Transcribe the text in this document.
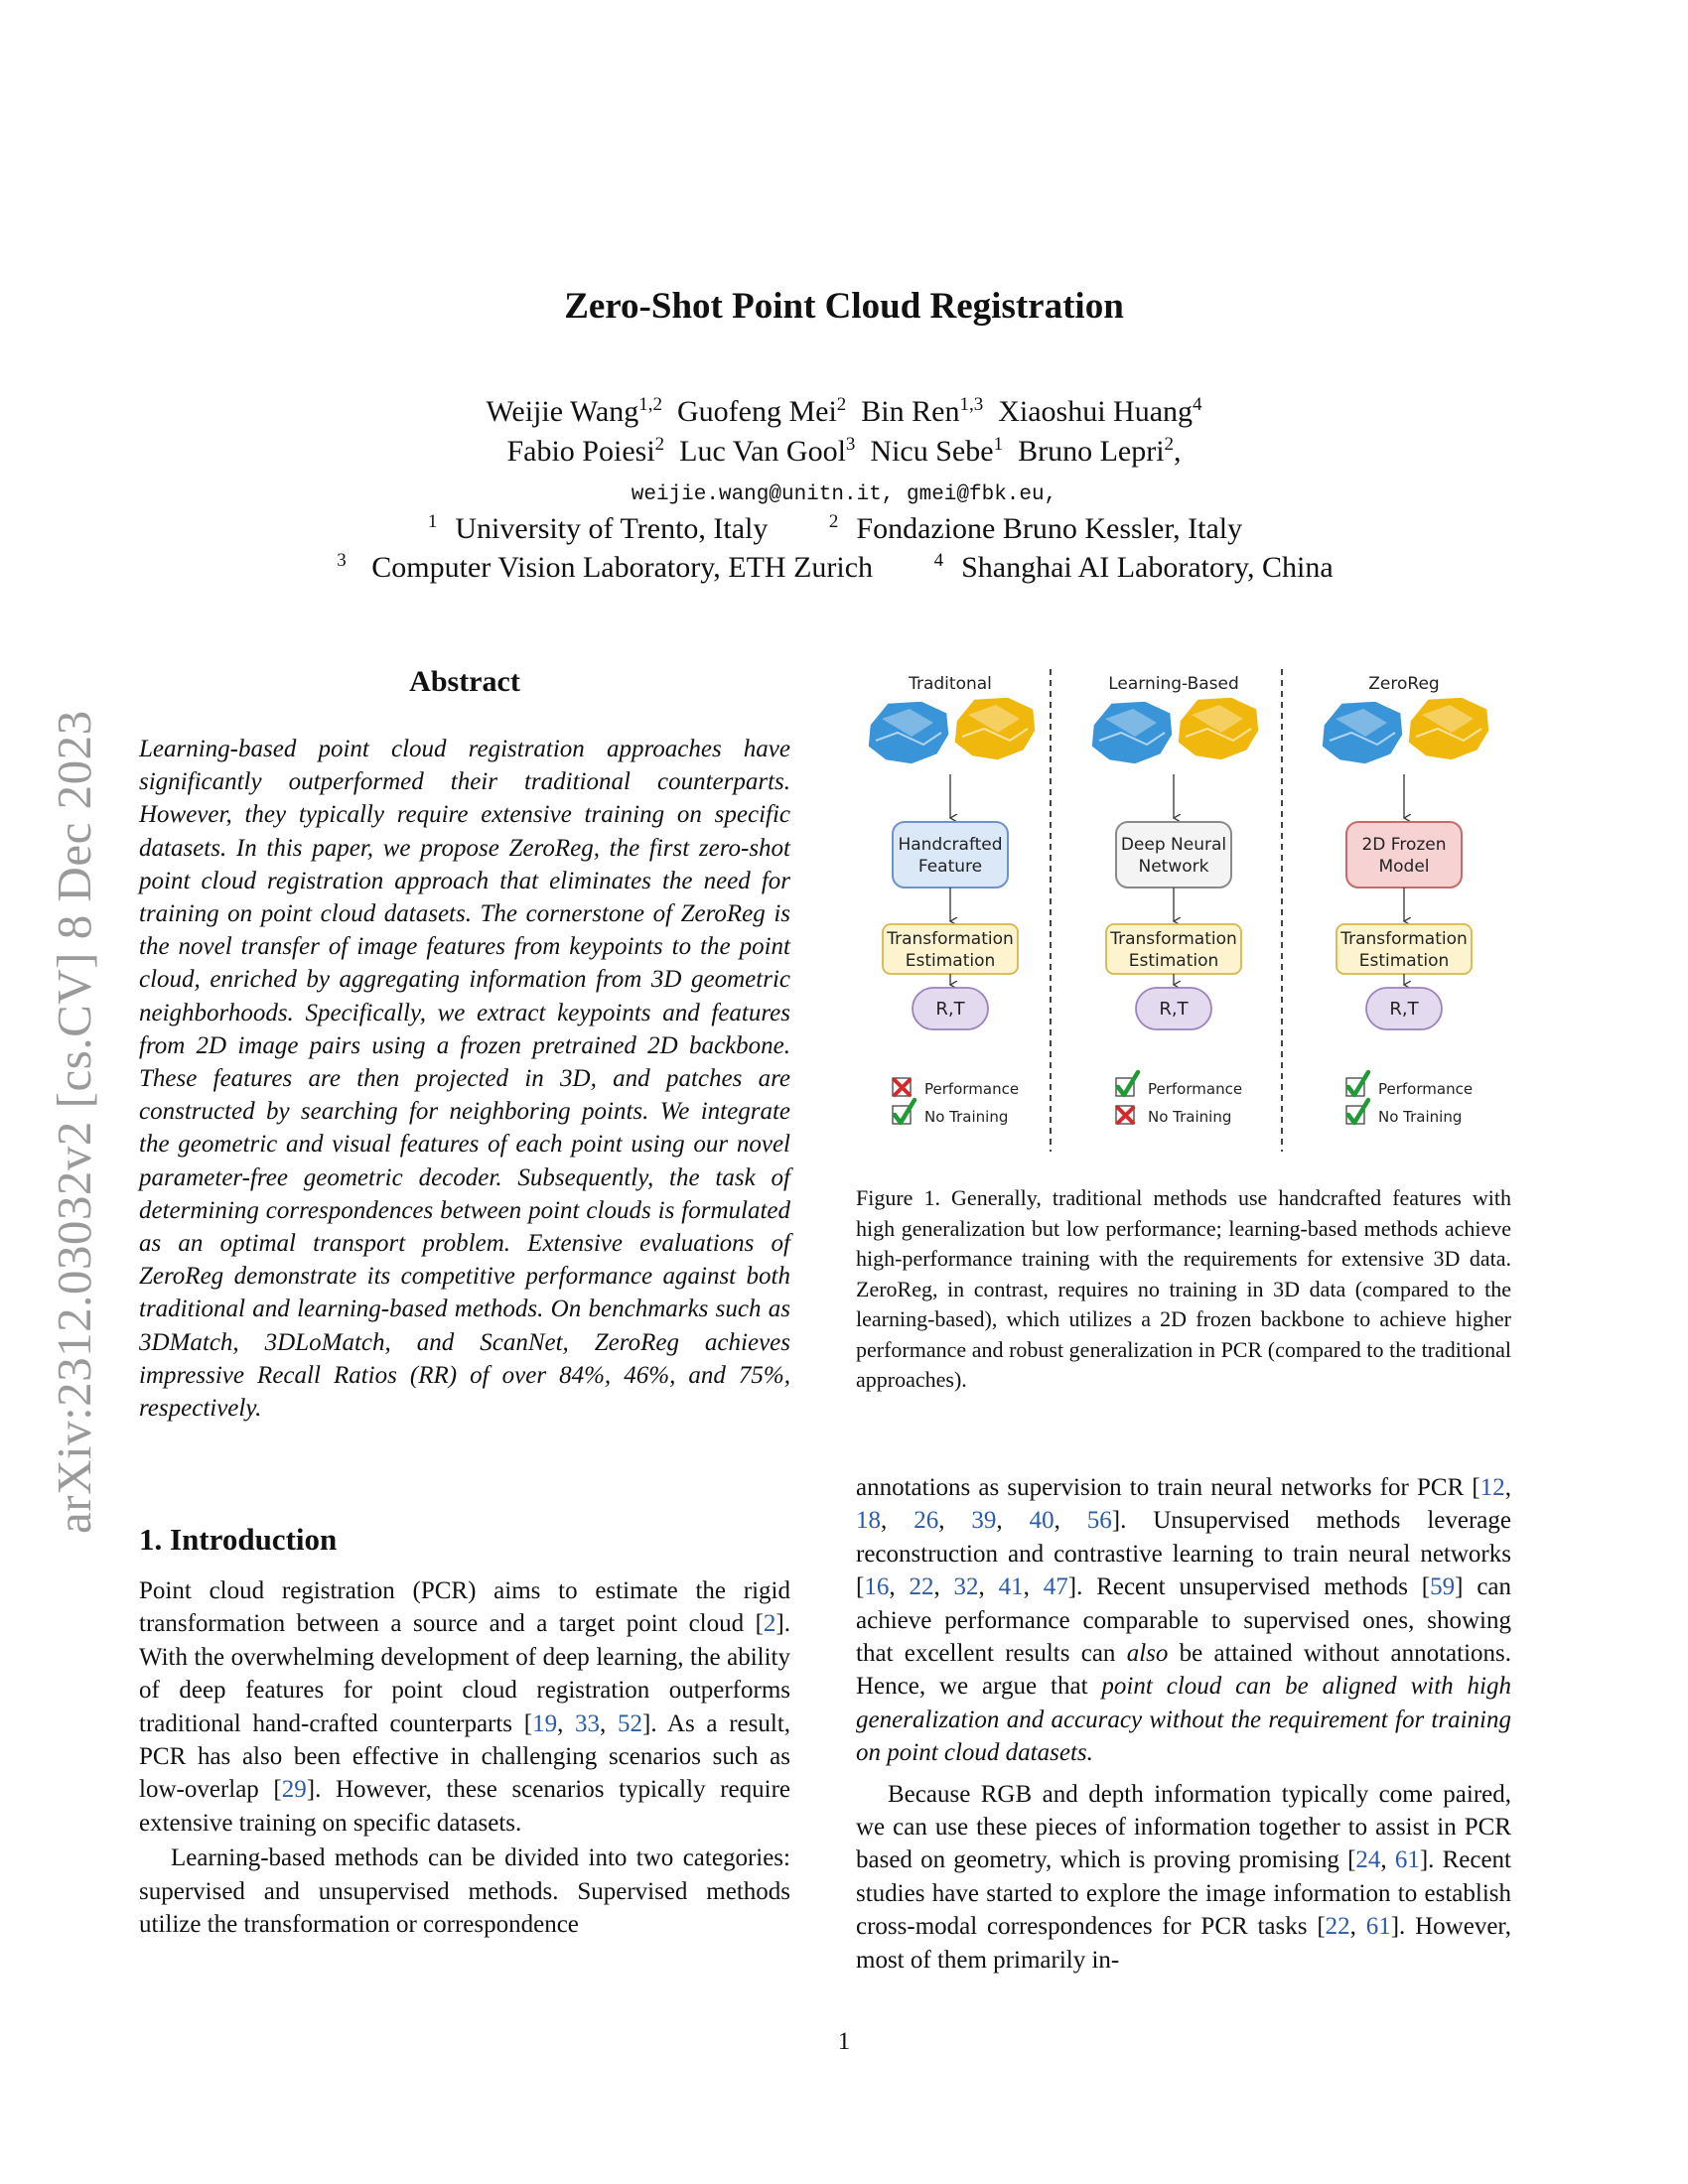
arXiv:2312.03032v2 [cs.CV] 8 Dec 2023
Zero-Shot Point Cloud Registration
Weijie Wang$^{1,2}$ Guofeng Mei$^2$ Bin Ren$^{1,3}$ Xiaoshui Huang$^4$
Fabio Poiesi$^2$ Luc Van Gool$^3$ Nicu Sebe$^1$ Bruno Lepri$^2$,
weijie.wang@unitn.it, gmei@fbk.eu,
$^1$ University of Trento, Italy	$^2$ Fondazione Bruno Kessler, Italy
$^3$ Computer Vision Laboratory, ETH Zurich	$^4$ Shanghai AI Laboratory, China
Abstract
Learning-based point cloud registration approaches have significantly outperformed their traditional counterparts. However, they typically require extensive training on specific datasets. In this paper, we propose ZeroReg, the first zero-shot point cloud registration approach that eliminates the need for training on point cloud datasets. The cornerstone of ZeroReg is the novel transfer of image features from keypoints to the point cloud, enriched by aggregating information from 3D geometric neighborhoods. Specifically, we extract keypoints and features from 2D image pairs using a frozen pretrained 2D backbone. These features are then projected in 3D, and patches are constructed by searching for neighboring points. We integrate the geometric and visual features of each point using our novel parameter-free geometric decoder. Subsequently, the task of determining correspondences between point clouds is formulated as an optimal transport problem. Extensive evaluations of ZeroReg demonstrate its competitive performance against both traditional and learning-based methods. On benchmarks such as 3DMatch, 3DLoMatch, and ScanNet, ZeroReg achieves impressive Recall Ratios (RR) of over 84%, 46%, and 75%, respectively.
1. Introduction

Point cloud registration (PCR) aims to estimate the rigid transformation between a source and a target point cloud [2]. With the overwhelming development of deep learning, the ability of deep features for point cloud registration outperforms traditional hand-crafted counterparts [19, 33, 52]. As a result, PCR has also been effective in challenging scenarios such as low-overlap [29]. However, these scenarios typically require extensive training on specific datasets.

Learning-based methods can be divided into two categories: supervised and unsupervised methods. Supervised methods utilize the transformation or correspondence

Traditonal
Handcrafted
Feature
Transformation
Estimation
R,T
Performance
No Training
Learning-Based
Deep Neural
Network
Transformation
Estimation
R,T
Performance
No Training
ZeroReg
2D Frozen
Model
Transformation
Estimation
R,T
Performance
No Training
Figure 1. Generally, traditional methods use handcrafted features with high generalization but low performance; learning-based methods achieve high-performance training with the requirements for extensive 3D data. ZeroReg, in contrast, requires no training in 3D data (compared to the learning-based), which utilizes a 2D frozen backbone to achieve higher performance and robust generalization in PCR (compared to the traditional approaches).

annotations as supervision to train neural networks for PCR [12, 18, 26, 39, 40, 56]. Unsupervised methods leverage reconstruction and contrastive learning to train neural networks [16, 22, 32, 41, 47]. Recent unsupervised methods [59] can achieve performance comparable to supervised ones, showing that excellent results can also be attained without annotations. Hence, we argue that point cloud can be aligned with high generalization and accuracy without the requirement for training on point cloud datasets.

Because RGB and depth information typically come paired, we can use these pieces of information together to assist in PCR based on geometry, which is proving promising [24, 61]. Recent studies have started to explore the image information to establish cross-modal correspondences for PCR tasks [22, 61]. However, most of them primarily in-

1
